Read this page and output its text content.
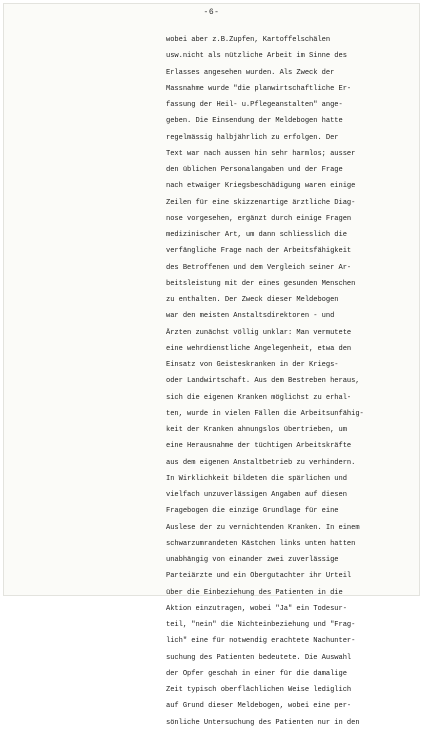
-6-
wobei aber z.B.Zupfen, Kartoffelschälen
usw.nicht als nützliche Arbeit im Sinne des
Erlasses angesehen wurden. Als Zweck der
Massnahme wurde "die planwirtschaftliche Er-
fassung der Heil- u.Pflegeanstalten" ange-
geben. Die Einsendung der Meldebogen hatte
regelmässig halbjährlich zu erfolgen. Der
Text war nach aussen hin sehr harmlos; ausser
den üblichen Personalangaben und der Frage
nach etwaiger Kriegsbeschädigung waren einige
Zeilen für eine skizzenartige ärztliche Diag-
nose vorgesehen, ergänzt durch einige Fragen
medizinischer Art, um dann schliesslich die
verfängliche Frage nach der Arbeitsfähigkeit
des Betroffenen und dem Vergleich seiner Ar-
beitsleistung mit der eines gesunden Menschen
zu enthalten. Der Zweck dieser Meldebogen
war den meisten Anstaltsdirektoren - und
Ärzten zunächst völlig unklar: Man vermutete
eine wehrdienstliche Angelegenheit, etwa den
Einsatz von Geisteskranken in der Kriegs-
oder Landwirtschaft. Aus dem Bestreben heraus,
sich die eigenen Kranken möglichst zu erhal-
ten, wurde in vielen Fällen die Arbeitsunfähig-
keit der Kranken ahnungslos übertrieben, um
eine Herausnahme der tüchtigen Arbeitskräfte
aus dem eigenen Anstaltbetrieb zu verhindern.
In Wirklichkeit bildeten die spärlichen und
vielfach unzuverlässigen Angaben auf diesen
Fragebogen die einzige Grundlage für eine
Auslese der zu vernichtenden Kranken. In einem
schwarzumrandeten Kästchen links unten hatten
unabhängig von einander zwei zuverlässige
Parteiärzte und ein Obergutachter ihr Urteil
über die Einbeziehung des Patienten in die
Aktion einzutragen, wobei "Ja" ein Todesur-
teil, "nein" die Nichteinbeziehung und "Frag-
lich" eine für notwendig erachtete Nachunter-
suchung des Patienten bedeutete. Die Auswahl
der Opfer geschah in einer für die damalige
Zeit typisch oberflächlichen Weise lediglich
auf Grund dieser Meldebogen, wobei eine per-
sönliche Untersuchung des Patienten nur in den
